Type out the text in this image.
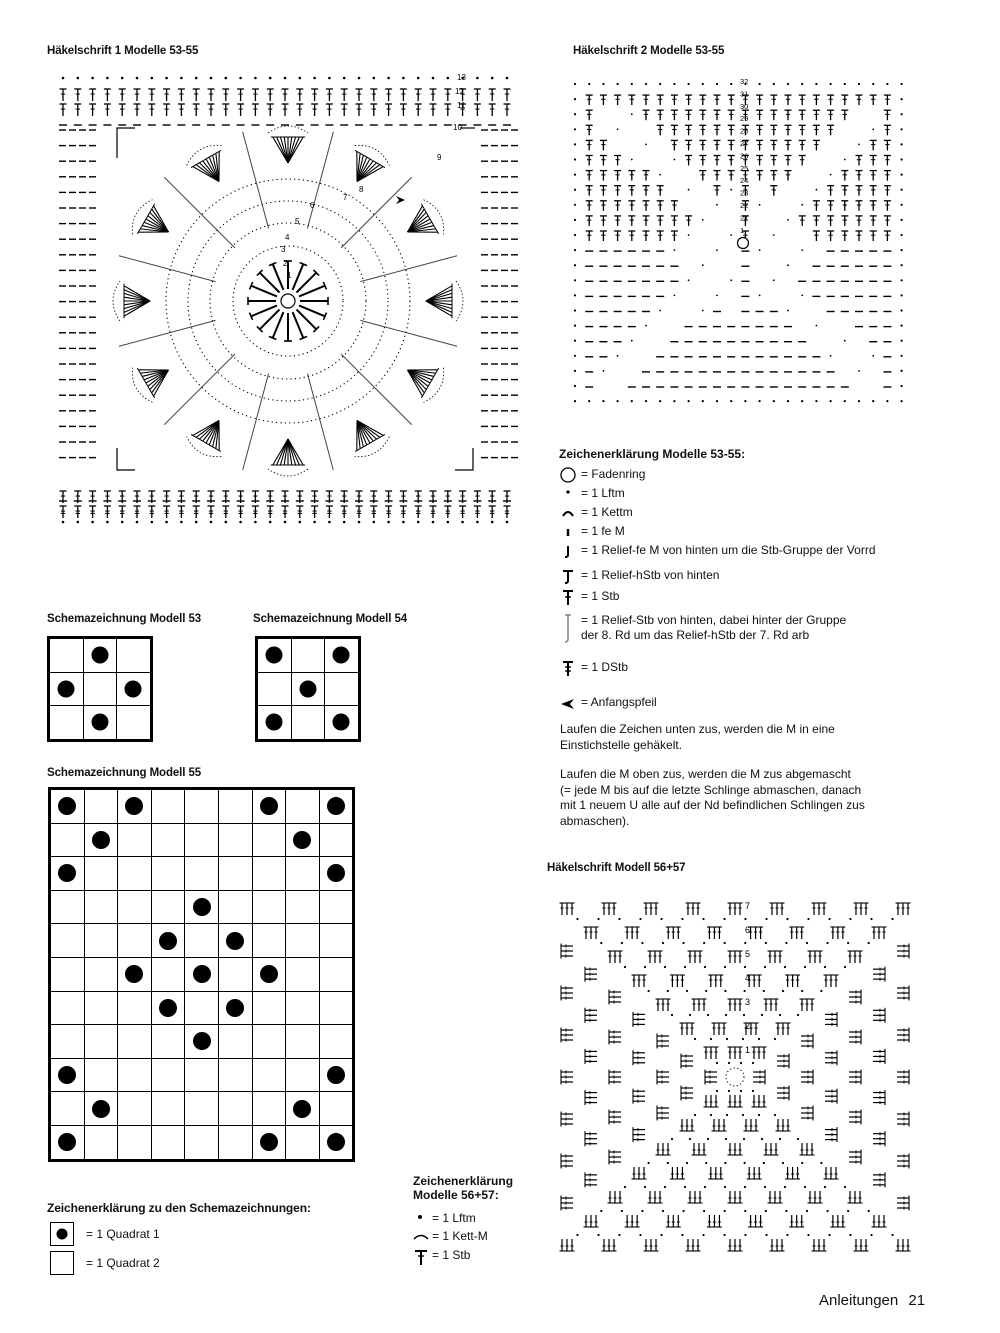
Häkelschrift 1 Modelle 53-55
13
12
11
10
9
8
7
6
5
4
3
2
1
Häkelschrift 2 Modelle 53-55
32
31
30
29
28
27
26
25
24
23
22
21
1
Zeichenerklärung Modelle 53-55:
= Fadenring
= 1 Lftm
= 1 Kettm
= 1 fe M
= 1 Relief-fe M von hinten um die Stb-Gruppe der Vorrd
= 1 Relief-hStb von hinten
= 1 Stb
= 1 Relief-Stb von hinten, dabei hinter der Gruppe
der 8. Rd um das Relief-hStb der 7. Rd arb
= 1 DStb
= Anfangspfeil
Laufen die Zeichen unten zus, werden die M in eine
Einstichstelle gehäkelt.
Laufen die M oben zus, werden die M zus abgemascht
(= jede M bis auf die letzte Schlinge abmaschen, danach
mit 1 neuem U alle auf der Nd befindlichen Schlingen zus
abmaschen).
Schemazeichnung Modell 53

		Schemazeichnung Modell 54

Schemazeichnung Modell 55

Zeichenerklärung zu den Schemazeichnungen:
= 1 Quadrat 1
= 1 Quadrat 2
Zeichenerklärung
Modelle 56+57:
= 1 Lftm
= 1 Kett-M
= 1 Stb
Häkelschrift Modell 56+57
7
6
5
4
3
2
1
Anleitungen 21
